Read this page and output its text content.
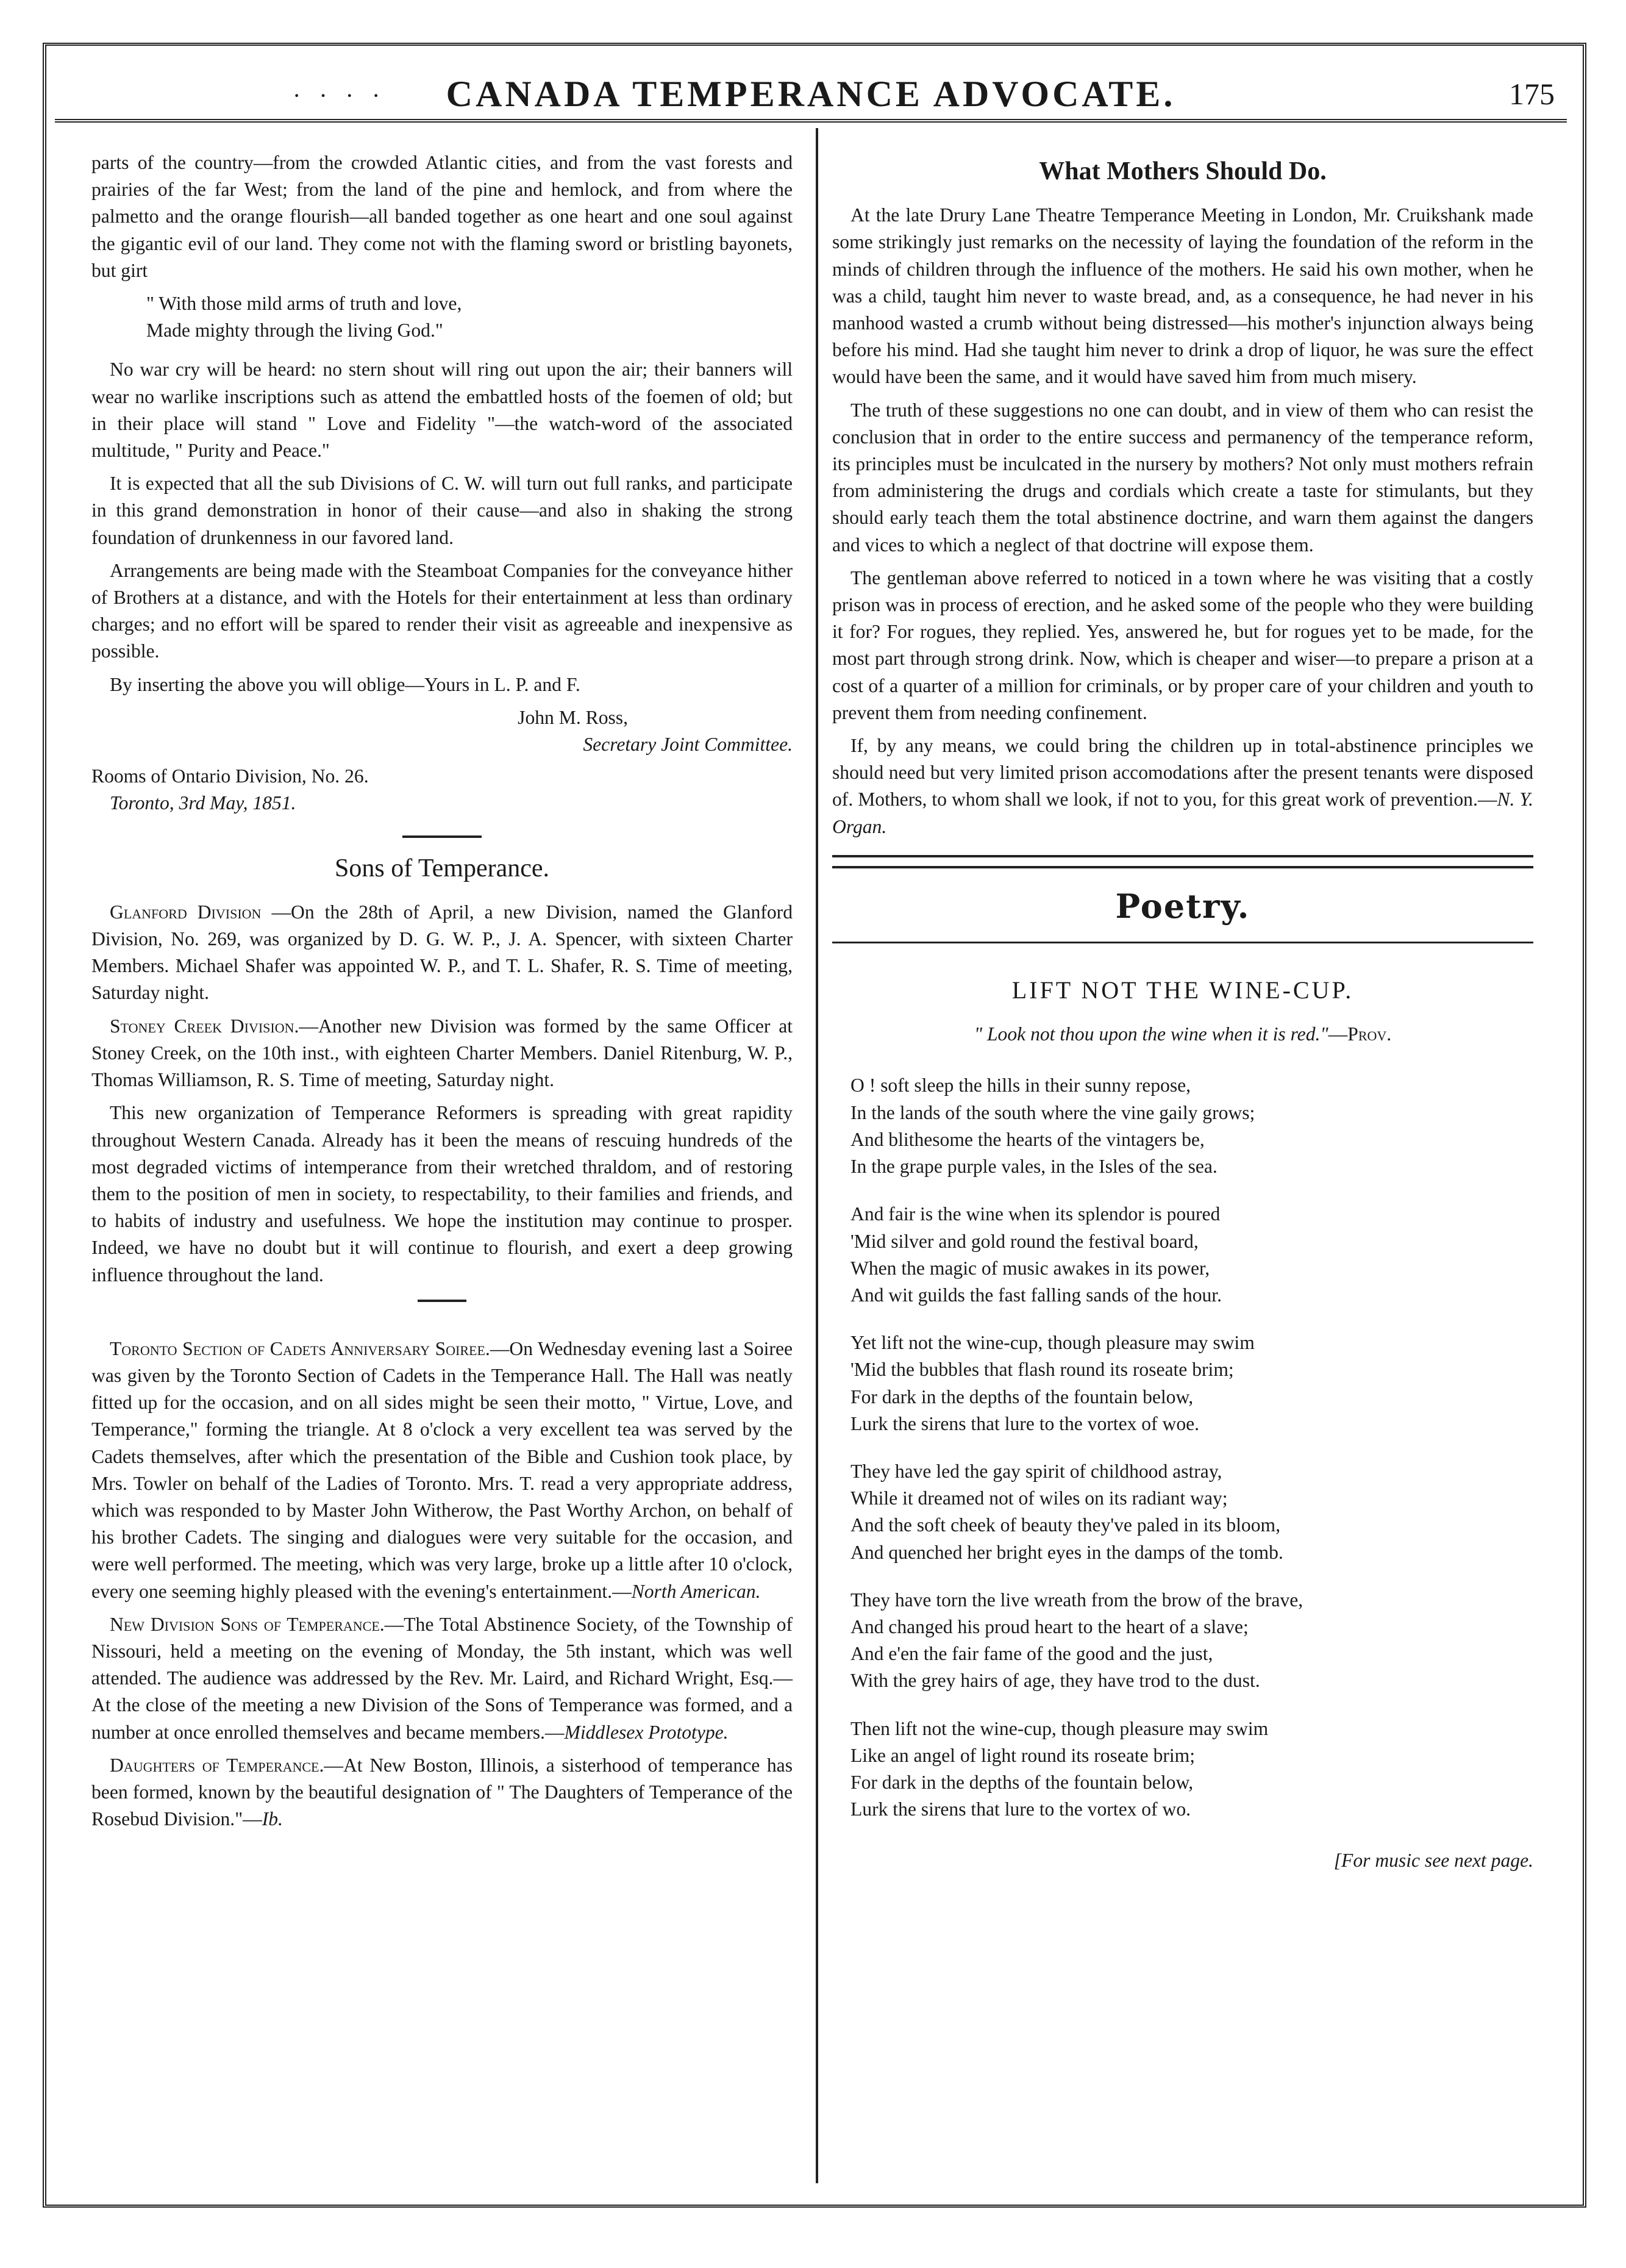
· · · ·	CANADA TEMPERANCE ADVOCATE.	175

parts of the country—from the crowded Atlantic cities, and from the vast forests and prairies of the far West; from the land of the pine and hemlock, and from where the palmetto and the orange flourish—all banded together as one heart and one soul against the gigantic evil of our land. They come not with the flaming sword or bristling bayonets, but girt

" With those mild arms of truth and love,
Made mighty through the living God."

No war cry will be heard: no stern shout will ring out upon the air; their banners will wear no warlike inscriptions such as attend the embattled hosts of the foemen of old; but in their place will stand " Love and Fidelity "—the watch-word of the associated multitude, " Purity and Peace."

It is expected that all the sub Divisions of C. W. will turn out full ranks, and participate in this grand demonstration in honor of their cause—and also in shaking the strong foundation of drunkenness in our favored land.

Arrangements are being made with the Steamboat Companies for the conveyance hither of Brothers at a distance, and with the Hotels for their entertainment at less than ordinary charges; and no effort will be spared to render their visit as agreeable and inexpensive as possible.

By inserting the above you will oblige—Yours in L. P. and F.

John M. Ross,
Secretary Joint Committee.
Rooms of Ontario Division, No. 26.
Toronto, 3rd May, 1851.
Sons of Temperance.

Glanford Division —On the 28th of April, a new Division, named the Glanford Division, No. 269, was organized by D. G. W. P., J. A. Spencer, with sixteen Charter Members. Michael Shafer was appointed W. P., and T. L. Shafer, R. S. Time of meeting, Saturday night.

Stoney Creek Division.—Another new Division was formed by the same Officer at Stoney Creek, on the 10th inst., with eighteen Charter Members. Daniel Ritenburg, W. P., Thomas Williamson, R. S. Time of meeting, Saturday night.

This new organization of Temperance Reformers is spreading with great rapidity throughout Western Canada. Already has it been the means of rescuing hundreds of the most degraded victims of intemperance from their wretched thraldom, and of restoring them to the position of men in society, to respectability, to their families and friends, and to habits of industry and usefulness. We hope the institution may continue to prosper. Indeed, we have no doubt but it will continue to flourish, and exert a deep growing influence throughout the land.

Toronto Section of Cadets Anniversary Soiree.—On Wednesday evening last a Soiree was given by the Toronto Section of Cadets in the Temperance Hall. The Hall was neatly fitted up for the occasion, and on all sides might be seen their motto, " Virtue, Love, and Temperance," forming the triangle. At 8 o'clock a very excellent tea was served by the Cadets themselves, after which the presentation of the Bible and Cushion took place, by Mrs. Towler on behalf of the Ladies of Toronto. Mrs. T. read a very appropriate address, which was responded to by Master John Witherow, the Past Worthy Archon, on behalf of his brother Cadets. The singing and dialogues were very suitable for the occasion, and were well performed. The meeting, which was very large, broke up a little after 10 o'clock, every one seeming highly pleased with the evening's entertainment.—North American.

New Division Sons of Temperance.—The Total Abstinence Society, of the Township of Nissouri, held a meeting on the evening of Monday, the 5th instant, which was well attended. The audience was addressed by the Rev. Mr. Laird, and Richard Wright, Esq.—At the close of the meeting a new Division of the Sons of Temperance was formed, and a number at once enrolled themselves and became members.—Middlesex Prototype.

Daughters of Temperance.—At New Boston, Illinois, a sisterhood of temperance has been formed, known by the beautiful designation of " The Daughters of Temperance of the Rosebud Division."—Ib.

What Mothers Should Do.

At the late Drury Lane Theatre Temperance Meeting in London, Mr. Cruikshank made some strikingly just remarks on the necessity of laying the foundation of the reform in the minds of children through the influence of the mothers. He said his own mother, when he was a child, taught him never to waste bread, and, as a consequence, he had never in his manhood wasted a crumb without being distressed—his mother's injunction always being before his mind. Had she taught him never to drink a drop of liquor, he was sure the effect would have been the same, and it would have saved him from much misery.

The truth of these suggestions no one can doubt, and in view of them who can resist the conclusion that in order to the entire success and permanency of the temperance reform, its principles must be inculcated in the nursery by mothers? Not only must mothers refrain from administering the drugs and cordials which create a taste for stimulants, but they should early teach them the total abstinence doctrine, and warn them against the dangers and vices to which a neglect of that doctrine will expose them.

The gentleman above referred to noticed in a town where he was visiting that a costly prison was in process of erection, and he asked some of the people who they were building it for? For rogues, they replied. Yes, answered he, but for rogues yet to be made, for the most part through strong drink. Now, which is cheaper and wiser—to prepare a prison at a cost of a quarter of a million for criminals, or by proper care of your children and youth to prevent them from needing confinement.

If, by any means, we could bring the children up in total-abstinence principles we should need but very limited prison accomodations after the present tenants were disposed of. Mothers, to whom shall we look, if not to you, for this great work of prevention.—N. Y. Organ.

Poetry.
LIFT NOT THE WINE-CUP.
" Look not thou upon the wine when it is red."—Prov.
O ! soft sleep the hills in their sunny repose,
In the lands of the south where the vine gaily grows;
And blithesome the hearts of the vintagers be,
In the grape purple vales, in the Isles of the sea.
And fair is the wine when its splendor is poured
'Mid silver and gold round the festival board,
When the magic of music awakes in its power,
And wit guilds the fast falling sands of the hour.
Yet lift not the wine-cup, though pleasure may swim
'Mid the bubbles that flash round its roseate brim;
For dark in the depths of the fountain below,
Lurk the sirens that lure to the vortex of woe.
They have led the gay spirit of childhood astray,
While it dreamed not of wiles on its radiant way;
And the soft cheek of beauty they've paled in its bloom,
And quenched her bright eyes in the damps of the tomb.
They have torn the live wreath from the brow of the brave,
And changed his proud heart to the heart of a slave;
And e'en the fair fame of the good and the just,
With the grey hairs of age, they have trod to the dust.
Then lift not the wine-cup, though pleasure may swim
Like an angel of light round its roseate brim;
For dark in the depths of the fountain below,
Lurk the sirens that lure to the vortex of wo.
[For music see next page.
